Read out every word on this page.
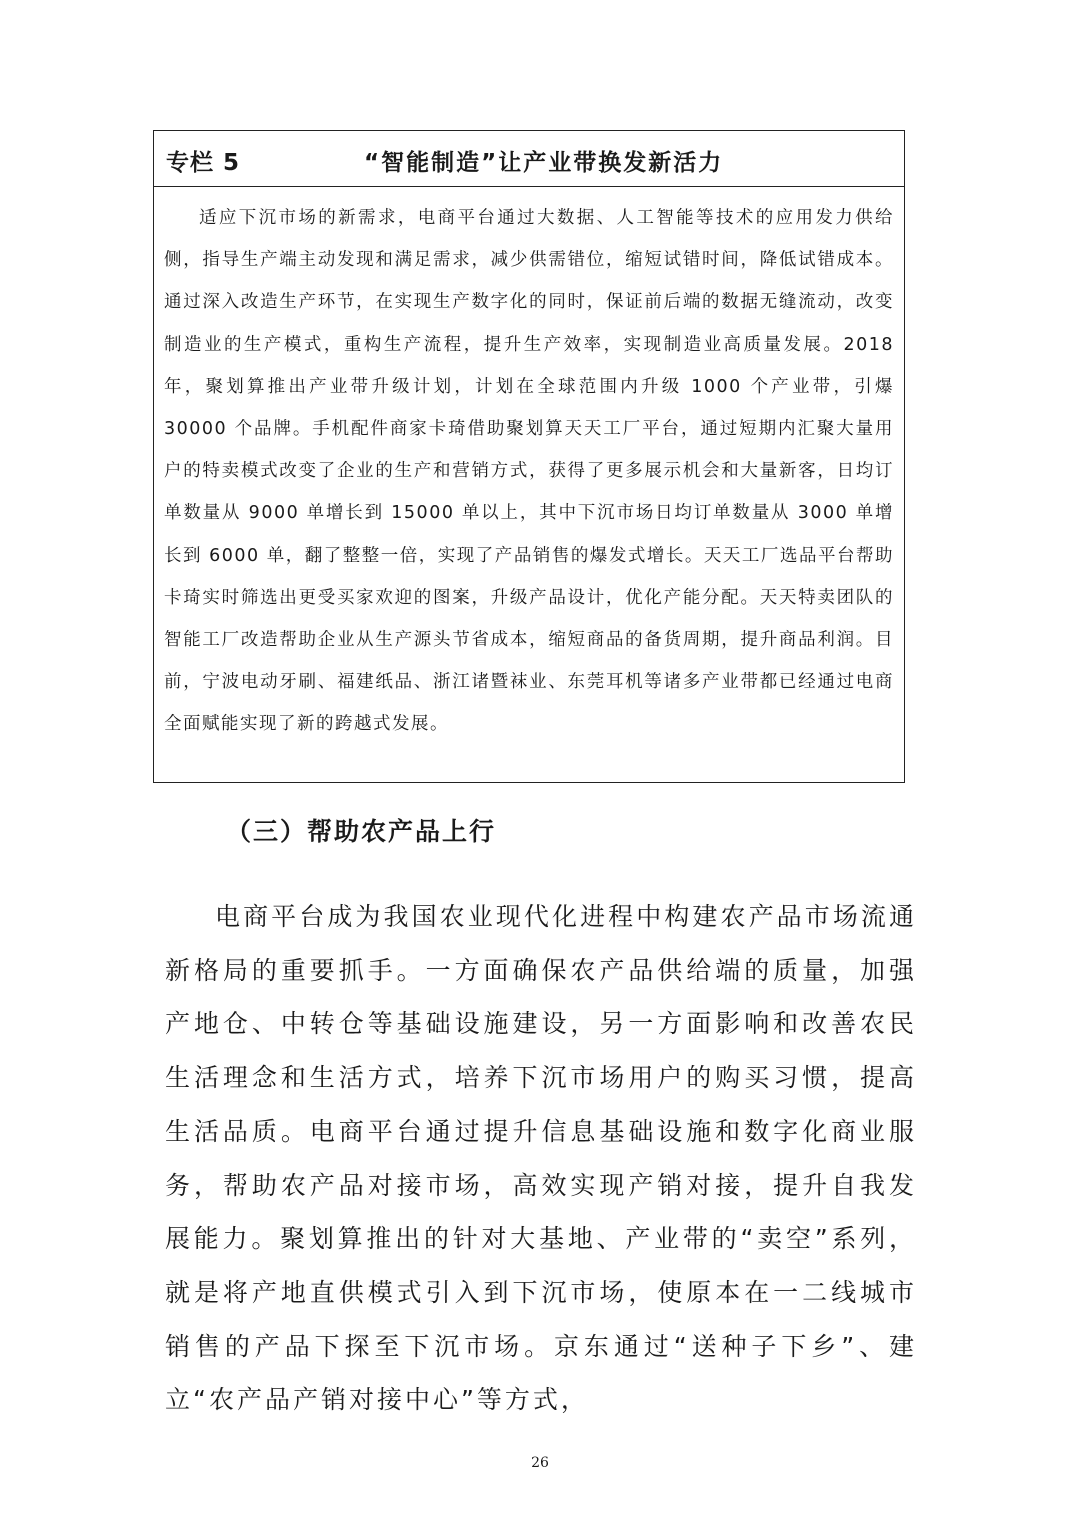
专栏 5	“智能制造”让产业带换发新活力
适应下沉市场的新需求，电商平台通过大数据、人工智能等技术的应用发力供给侧，指导生产端主动发现和满足需求，减少供需错位，缩短试错时间，降低试错成本。通过深入改造生产环节，在实现生产数字化的同时，保证前后端的数据无缝流动，改变制造业的生产模式，重构生产流程，提升生产效率，实现制造业高质量发展。2018 年，聚划算推出产业带升级计划，计划在全球范围内升级 1000 个产业带，引爆 30000 个品牌。手机配件商家卡琦借助聚划算天天工厂平台，通过短期内汇聚大量用户的特卖模式改变了企业的生产和营销方式，获得了更多展示机会和大量新客，日均订单数量从 9000 单增长到 15000 单以上，其中下沉市场日均订单数量从 3000 单增长到 6000 单，翻了整整一倍，实现了产品销售的爆发式增长。天天工厂选品平台帮助卡琦实时筛选出更受买家欢迎的图案，升级产品设计，优化产能分配。天天特卖团队的智能工厂改造帮助企业从生产源头节省成本，缩短商品的备货周期，提升商品利润。目前，宁波电动牙刷、福建纸品、浙江诸暨袜业、东莞耳机等诸多产业带都已经通过电商全面赋能实现了新的跨越式发展。
（三）帮助农产品上行

电商平台成为我国农业现代化进程中构建农产品市场流通新格局的重要抓手。一方面确保农产品供给端的质量，加强产地仓、中转仓等基础设施建设，另一方面影响和改善农民生活理念和生活方式，培养下沉市场用户的购买习惯，提高生活品质。电商平台通过提升信息基础设施和数字化商业服务，帮助农产品对接市场，高效实现产销对接，提升自我发展能力。聚划算推出的针对大基地、产业带的“卖空”系列，就是将产地直供模式引入到下沉市场，使原本在一二线城市销售的产品下探至下沉市场。京东通过“送种子下乡”、建立“农产品产销对接中心”等方式，

26
